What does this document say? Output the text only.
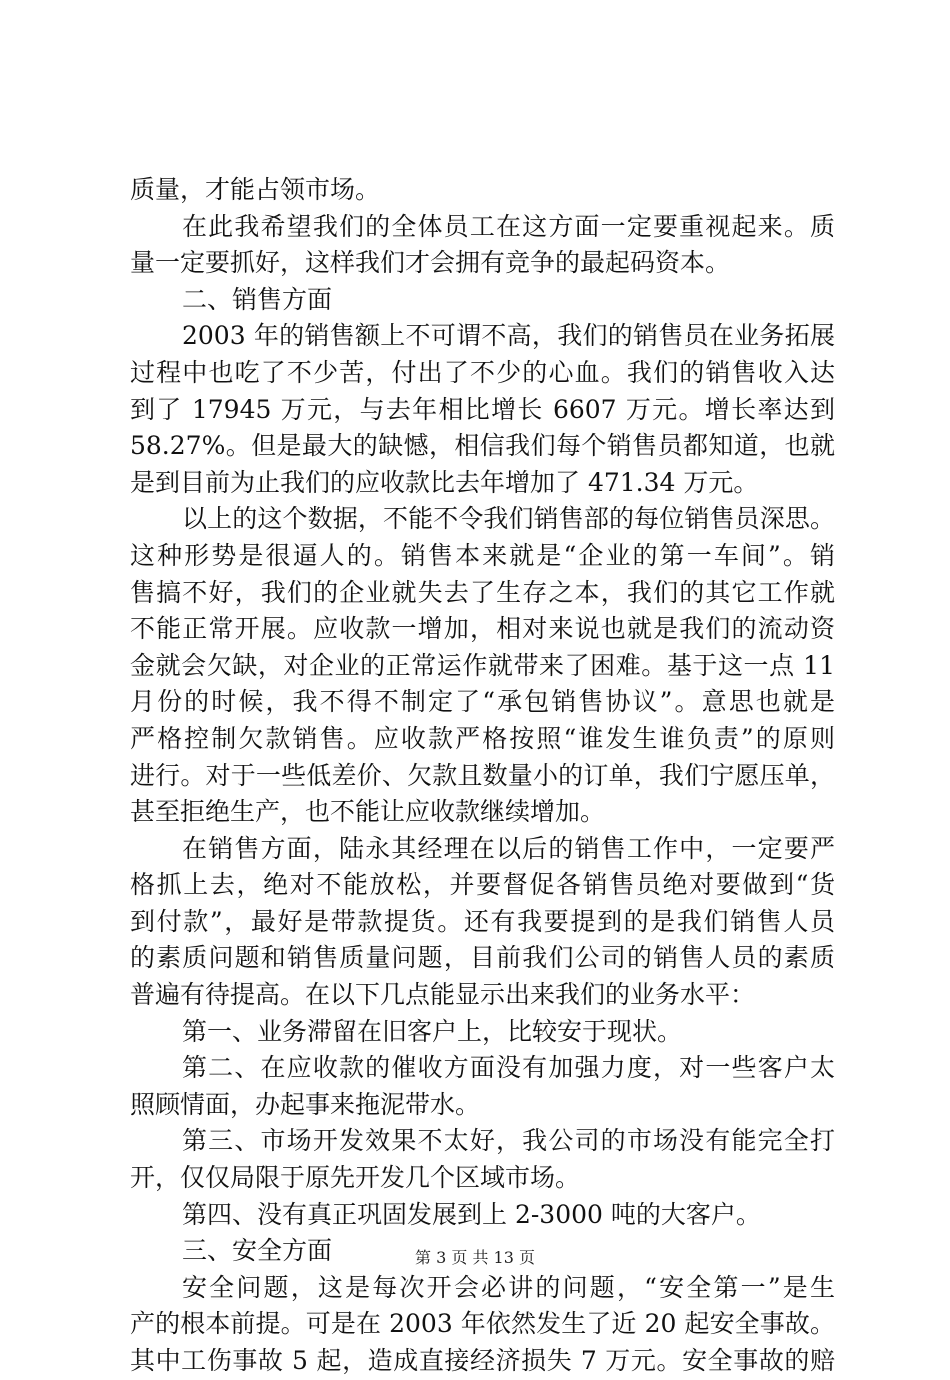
质量，才能占领市场。
在此我希望我们的全体员工在这方面一定要重视起来。质
量一定要抓好，这样我们才会拥有竞争的最起码资本。
二、销售方面
2003 年的销售额上不可谓不高，我们的销售员在业务拓展
过程中也吃了不少苦，付出了不少的心血。我们的销售收入达
到了 17945 万元，与去年相比增长 6607 万元。增长率达到
58.27%。但是最大的缺憾，相信我们每个销售员都知道，也就
是到目前为止我们的应收款比去年增加了 471.34 万元。
以上的这个数据，不能不令我们销售部的每位销售员深思。
这种形势是很逼人的。销售本来就是“企业的第一车间”。销
售搞不好，我们的企业就失去了生存之本，我们的其它工作就
不能正常开展。应收款一增加，相对来说也就是我们的流动资
金就会欠缺，对企业的正常运作就带来了困难。基于这一点 11
月份的时候，我不得不制定了“承包销售协议”。意思也就是
严格控制欠款销售。应收款严格按照“谁发生谁负责”的原则
进行。对于一些低差价、欠款且数量小的订单，我们宁愿压单，
甚至拒绝生产，也不能让应收款继续增加。
在销售方面，陆永其经理在以后的销售工作中，一定要严
格抓上去，绝对不能放松，并要督促各销售员绝对要做到“货
到付款”，最好是带款提货。还有我要提到的是我们销售人员
的素质问题和销售质量问题，目前我们公司的销售人员的素质
普遍有待提高。在以下几点能显示出来我们的业务水平：
第一、业务滞留在旧客户上，比较安于现状。
第二、在应收款的催收方面没有加强力度，对一些客户太
照顾情面，办起事来拖泥带水。
第三、市场开发效果不太好，我公司的市场没有能完全打
开，仅仅局限于原先开发几个区域市场。
第四、没有真正巩固发展到上 2-3000 吨的大客户。
三、安全方面
安全问题，这是每次开会必讲的问题，“安全第一”是生
产的根本前提。可是在 2003 年依然发生了近 20 起安全事故。
其中工伤事故 5 起，造成直接经济损失 7 万元。安全事故的赔
第 3 页 共 13 页
